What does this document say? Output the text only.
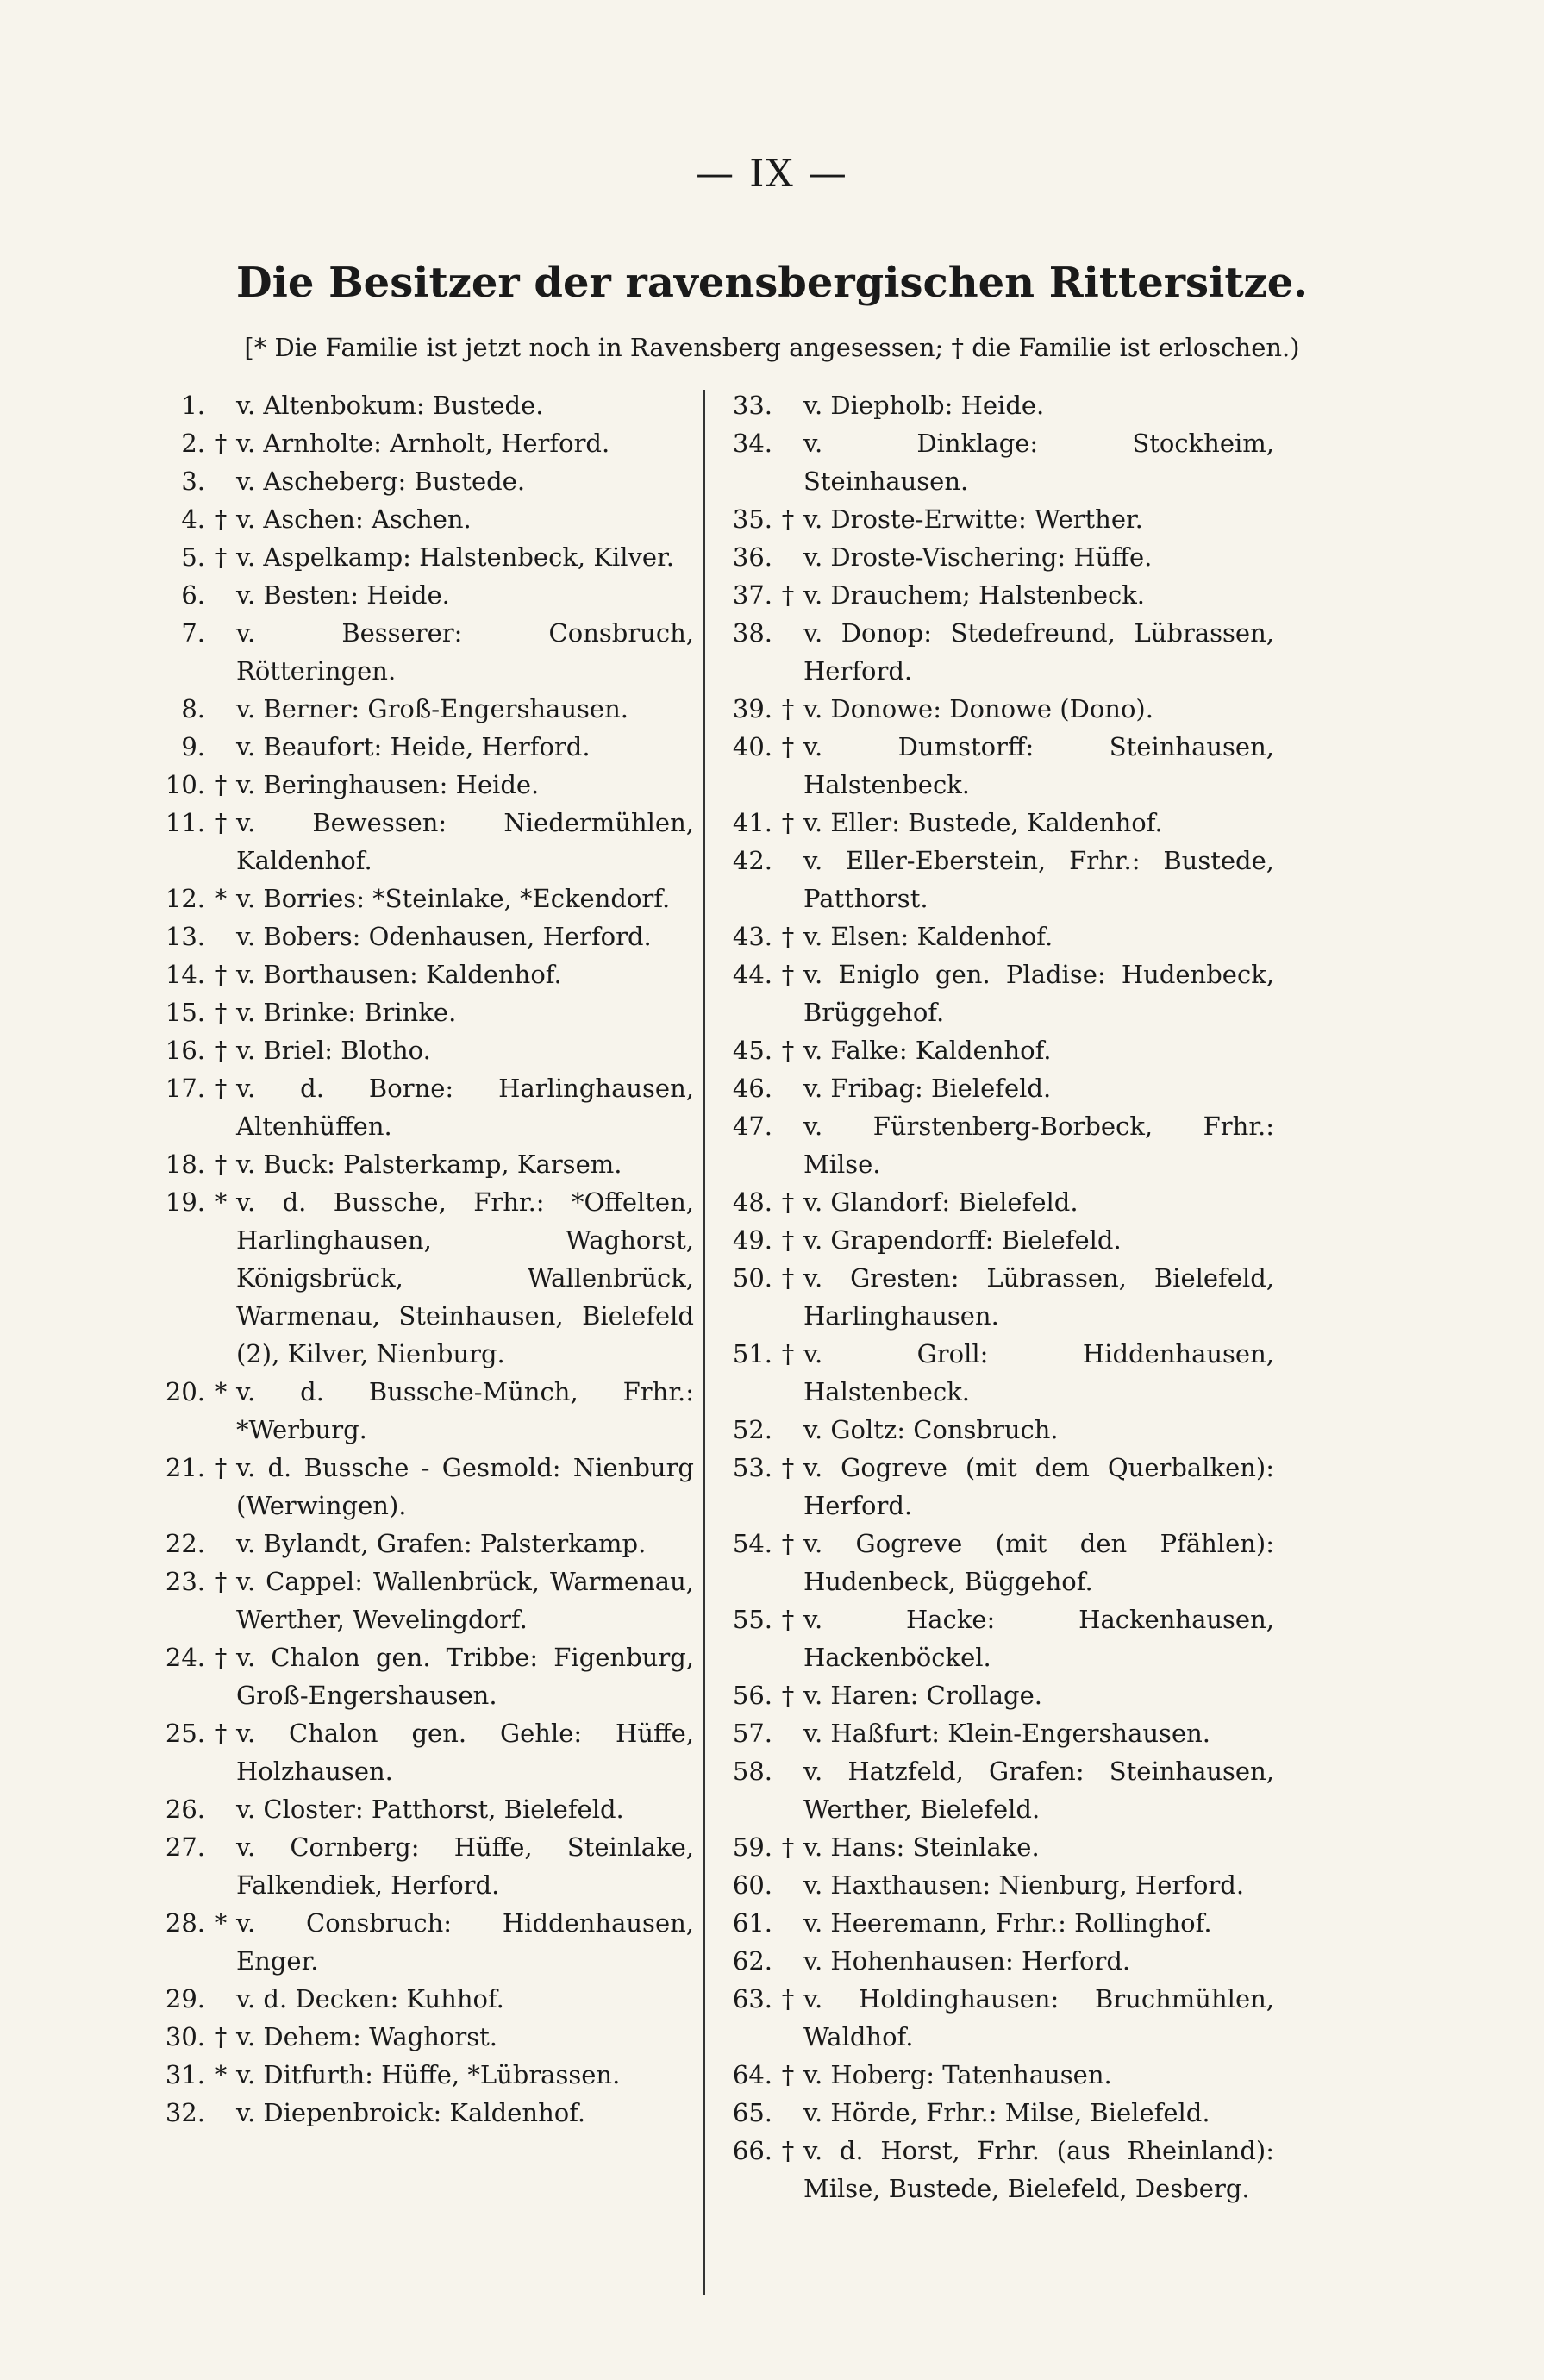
— IX —
Die Besitzer der ravensbergischen Rittersitze.
[* Die Familie ist jetzt noch in Ravensberg angesessen; † die Familie ist erloschen.)
1. v. Altenbokum: Bustede.
2. † v. Arnholte: Arnholt, Herford.
3. v. Ascheberg: Bustede.
4. † v. Aschen: Aschen.
5. † v. Aspelkamp: Halstenbeck, Kilver.
6. v. Besten: Heide.
7. v. Besserer: Consbruch, Rötteringen.
8. v. Berner: Groß-Engershausen.
9. v. Beaufort: Heide, Herford.
10. † v. Beringhausen: Heide.
11. † v. Bewessen: Niedermühlen, Kaldenhof.
12. * v. Borries: *Steinlake, *Eckendorf.
13. v. Bobers: Odenhausen, Herford.
14. † v. Borthausen: Kaldenhof.
15. † v. Brinke: Brinke.
16. † v. Briel: Blotho.
17. † v. d. Borne: Harlinghausen, Altenhüffen.
18. † v. Buck: Palsterkamp, Karsem.
19. * v. d. Bussche, Frhr.: *Offelten, Harlinghausen, Waghorst, Königsbrück, Wallenbrück, Warmenau, Steinhausen, Bielefeld (2), Kilver, Nienburg.
20. * v. d. Bussche-Münch, Frhr.: *Werburg.
21. † v. d. Bussche - Gesmold: Nienburg (Werwingen).
22. v. Bylandt, Grafen: Palsterkamp.
23. † v. Cappel: Wallenbrück, Warmenau, Werther, Wevelingdorf.
24. † v. Chalon gen. Tribbe: Figenburg, Groß-Engershausen.
25. † v. Chalon gen. Gehle: Hüffe, Holzhausen.
26. v. Closter: Patthorst, Bielefeld.
27. v. Cornberg: Hüffe, Steinlake, Falkendiek, Herford.
28. * v. Consbruch: Hiddenhausen, Enger.
29. v. d. Decken: Kuhhof.
30. † v. Dehem: Waghorst.
31. * v. Ditfurth: Hüffe, *Lübrassen.
32. v. Diepenbroick: Kaldenhof.
33. v. Diepholb: Heide.
34. v. Dinklage: Stockheim, Steinhausen.
35. † v. Droste-Erwitte: Werther.
36. v. Droste-Vischering: Hüffe.
37. † v. Drauchem; Halstenbeck.
38. v. Donop: Stedefreund, Lübrassen, Herford.
39. † v. Donowe: Donowe (Dono).
40. † v. Dumstorff: Steinhausen, Halstenbeck.
41. † v. Eller: Bustede, Kaldenhof.
42. v. Eller-Eberstein, Frhr.: Bustede, Patthorst.
43. † v. Elsen: Kaldenhof.
44. † v. Eniglo gen. Pladise: Hudenbeck, Brüggehof.
45. † v. Falke: Kaldenhof.
46. v. Fribag: Bielefeld.
47. v. Fürstenberg-Borbeck, Frhr.: Milse.
48. † v. Glandorf: Bielefeld.
49. † v. Grapendorff: Bielefeld.
50. † v. Gresten: Lübrassen, Bielefeld, Harlinghausen.
51. † v. Groll: Hiddenhausen, Halstenbeck.
52. v. Goltz: Consbruch.
53. † v. Gogreve (mit dem Querbalken): Herford.
54. † v. Gogreve (mit den Pfählen): Hudenbeck, Büggehof.
55. † v. Hacke: Hackenhausen, Hackenböckel.
56. † v. Haren: Crollage.
57. v. Haßfurt: Klein-Engershausen.
58. v. Hatzfeld, Grafen: Steinhausen, Werther, Bielefeld.
59. † v. Hans: Steinlake.
60. v. Haxthausen: Nienburg, Herford.
61. v. Heeremann, Frhr.: Rollinghof.
62. v. Hohenhausen: Herford.
63. † v. Holdinghausen: Bruchmühlen, Waldhof.
64. † v. Hoberg: Tatenhausen.
65. v. Hörde, Frhr.: Milse, Bielefeld.
66. † v. d. Horst, Frhr. (aus Rheinland): Milse, Bustede, Bielefeld, Desberg.
